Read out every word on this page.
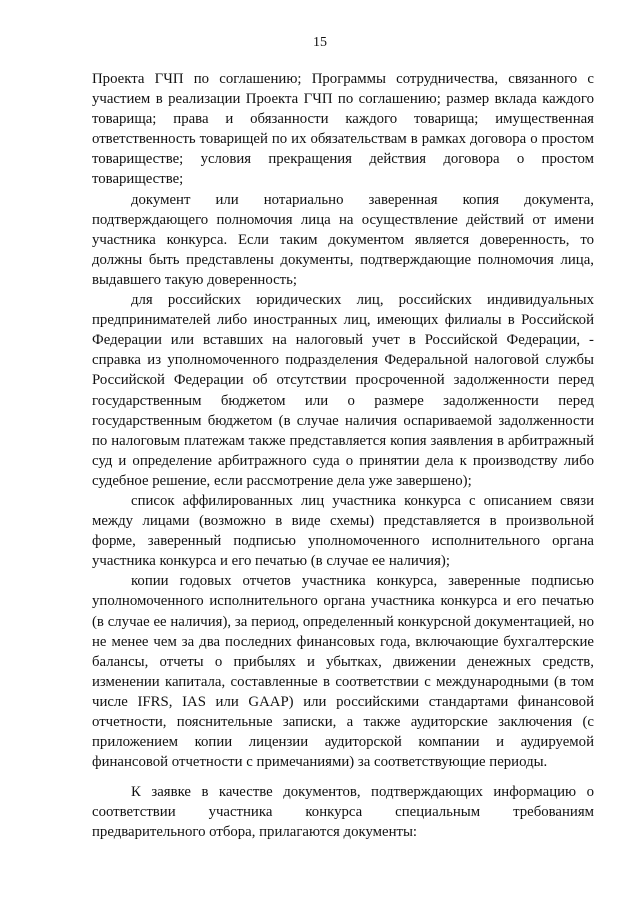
15

Проекта ГЧП по соглашению; Программы сотрудничества, связанного с участием в реализации Проекта ГЧП по соглашению; размер вклада каждого товарища; права и обязанности каждого товарища; имущественная ответственность товарищей по их обязательствам в рамках договора о простом товариществе; условия прекращения действия договора о простом товариществе;

документ или нотариально заверенная копия документа, подтверждающего полномочия лица на осуществление действий от имени участника конкурса. Если таким документом является доверенность, то должны быть представлены документы, подтверждающие полномочия лица, выдавшего такую доверенность;

для российских юридических лиц, российских индивидуальных предпринимателей либо иностранных лиц, имеющих филиалы в Российской Федерации или вставших на налоговый учет в Российской Федерации, - справка из уполномоченного подразделения Федеральной налоговой службы Российской Федерации об отсутствии просроченной задолженности перед государственным бюджетом или о размере задолженности перед государственным бюджетом (в случае наличия оспариваемой задолженности по налоговым платежам также представляется копия заявления в арбитражный суд и определение арбитражного суда о принятии дела к производству либо судебное решение, если рассмотрение дела уже завершено);

список аффилированных лиц участника конкурса с описанием связи между лицами (возможно в виде схемы) представляется в произвольной форме, заверенный подписью уполномоченного исполнительного органа участника конкурса и его печатью (в случае ее наличия);

копии годовых отчетов участника конкурса, заверенные подписью уполномоченного исполнительного органа участника конкурса и его печатью (в случае ее наличия), за период, определенный конкурсной документацией, но не менее чем за два последних финансовых года, включающие бухгалтерские балансы, отчеты о прибылях и убытках, движении денежных средств, изменении капитала, составленные в соответствии с международными (в том числе IFRS, IAS или GAAP) или российскими стандартами финансовой отчетности, пояснительные записки, а также аудиторские заключения (с приложением копии лицензии аудиторской компании и аудируемой финансовой отчетности с примечаниями) за соответствующие периоды.

К заявке в качестве документов, подтверждающих информацию о соответствии участника конкурса специальным требованиям предварительного отбора, прилагаются документы:
